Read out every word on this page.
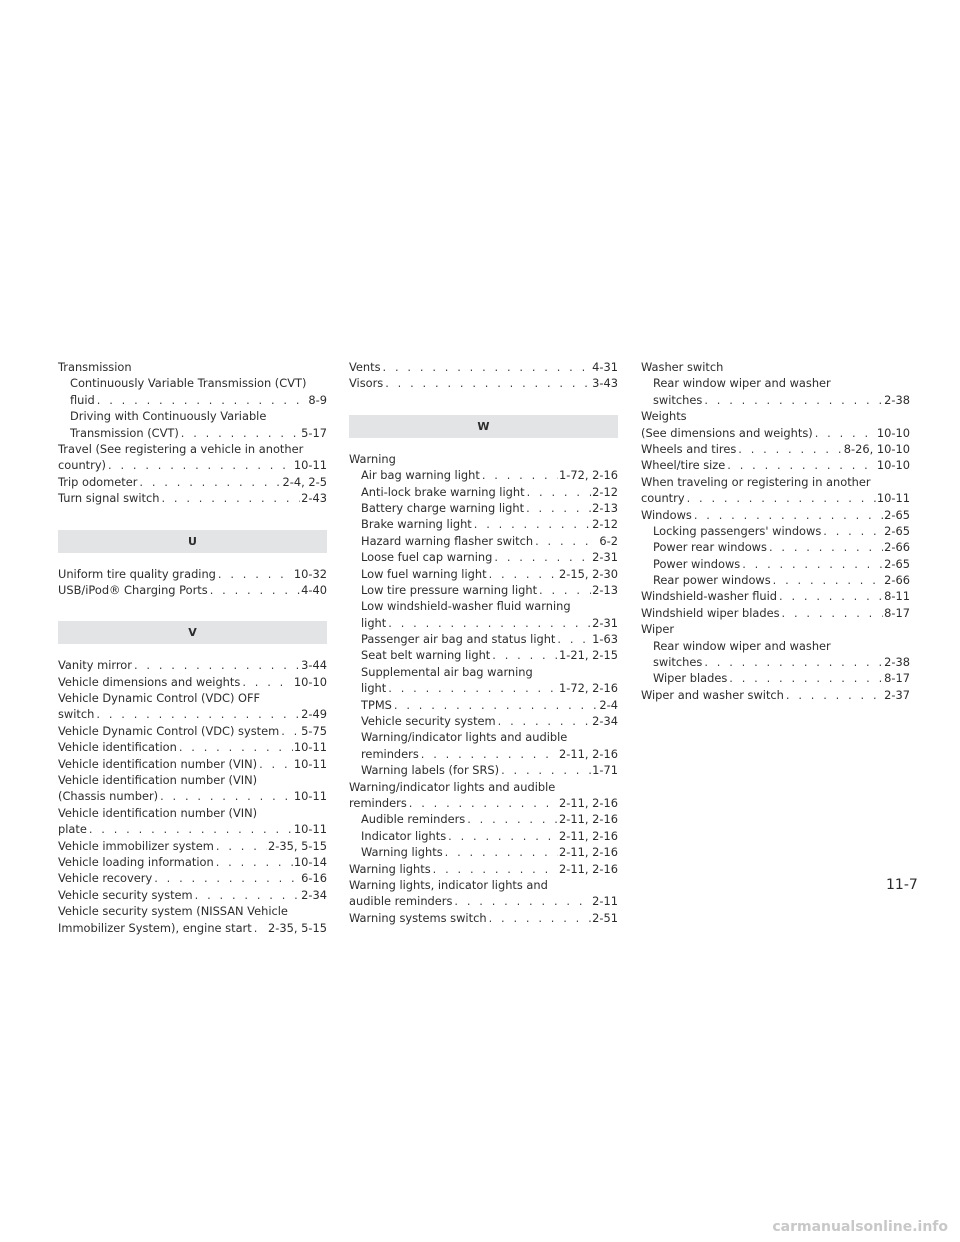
Transmission
Continuously Variable Transmission (CVT)
fluid . . .	8-9
Driving with Continuously Variable
Transmission (CVT) . . .	5-17
Travel (See registering a vehicle in another
country) . . .	10-11
Trip odometer . . .	2-4, 2-5
Turn signal switch . . .	2-43
U
Uniform tire quality grading . . .	10-32
USB/iPod® Charging Ports . . .	4-40
V
Vanity mirror . . .	3-44
Vehicle dimensions and weights . . .	10-10
Vehicle Dynamic Control (VDC) OFF
switch . . .	2-49
Vehicle Dynamic Control (VDC) system . . . 5-75
Vehicle identification . . .	10-11
Vehicle identification number (VIN) . . .	10-11
Vehicle identification number (VIN)
(Chassis number) . . .	10-11
Vehicle identification number (VIN)
plate . . .	10-11
Vehicle immobilizer system . . .	2-35, 5-15
Vehicle loading information . . .	10-14
Vehicle recovery . . .	6-16
Vehicle security system . . .	2-34
Vehicle security system (NISSAN Vehicle
Immobilizer System), engine start . . . 2-35, 5-15
Vents . . .	4-31
Visors . . .	3-43
W
Warning
Air bag warning light . . .	1-72, 2-16
Anti-lock brake warning light . . .	2-12
Battery charge warning light . . .	2-13
Brake warning light . . .	2-12
Hazard warning flasher switch . . .	6-2
Loose fuel cap warning . . .	2-31
Low fuel warning light . . .	2-15, 2-30
Low tire pressure warning light . . .	2-13
Low windshield-washer fluid warning
light . . .	2-31
Passenger air bag and status light . . .	1-63
Seat belt warning light . . .	1-21, 2-15
Supplemental air bag warning
light . . .	1-72, 2-16
TPMS . . .	2-4
Vehicle security system . . .	2-34
Warning/indicator lights and audible
reminders . . .	2-11, 2-16
Warning labels (for SRS) . . .	1-71
Warning/indicator lights and audible
reminders . . .	2-11, 2-16
Audible reminders . . .	2-11, 2-16
Indicator lights . . .	2-11, 2-16
Warning lights . . .	2-11, 2-16
Warning lights . . .	2-11, 2-16
Warning lights, indicator lights and
audible reminders . . .	2-11
Warning systems switch . . .	2-51
Washer switch
Rear window wiper and washer
switches . . .	2-38
Weights
(See dimensions and weights) . . .	10-10
Wheels and tires . . .	8-26, 10-10
Wheel/tire size . . .	10-10
When traveling or registering in another
country . . .	10-11
Windows . . .	2-65
Locking passengers' windows . . .	2-65
Power rear windows . . .	2-66
Power windows . . .	2-65
Rear power windows . . .	2-66
Windshield-washer fluid . . .	8-11
Windshield wiper blades . . .	8-17
Wiper
Rear window wiper and washer
switches . . .	2-38
Wiper blades . . .	8-17
Wiper and washer switch . . .	2-37
11-7
carmanualsonline.info
